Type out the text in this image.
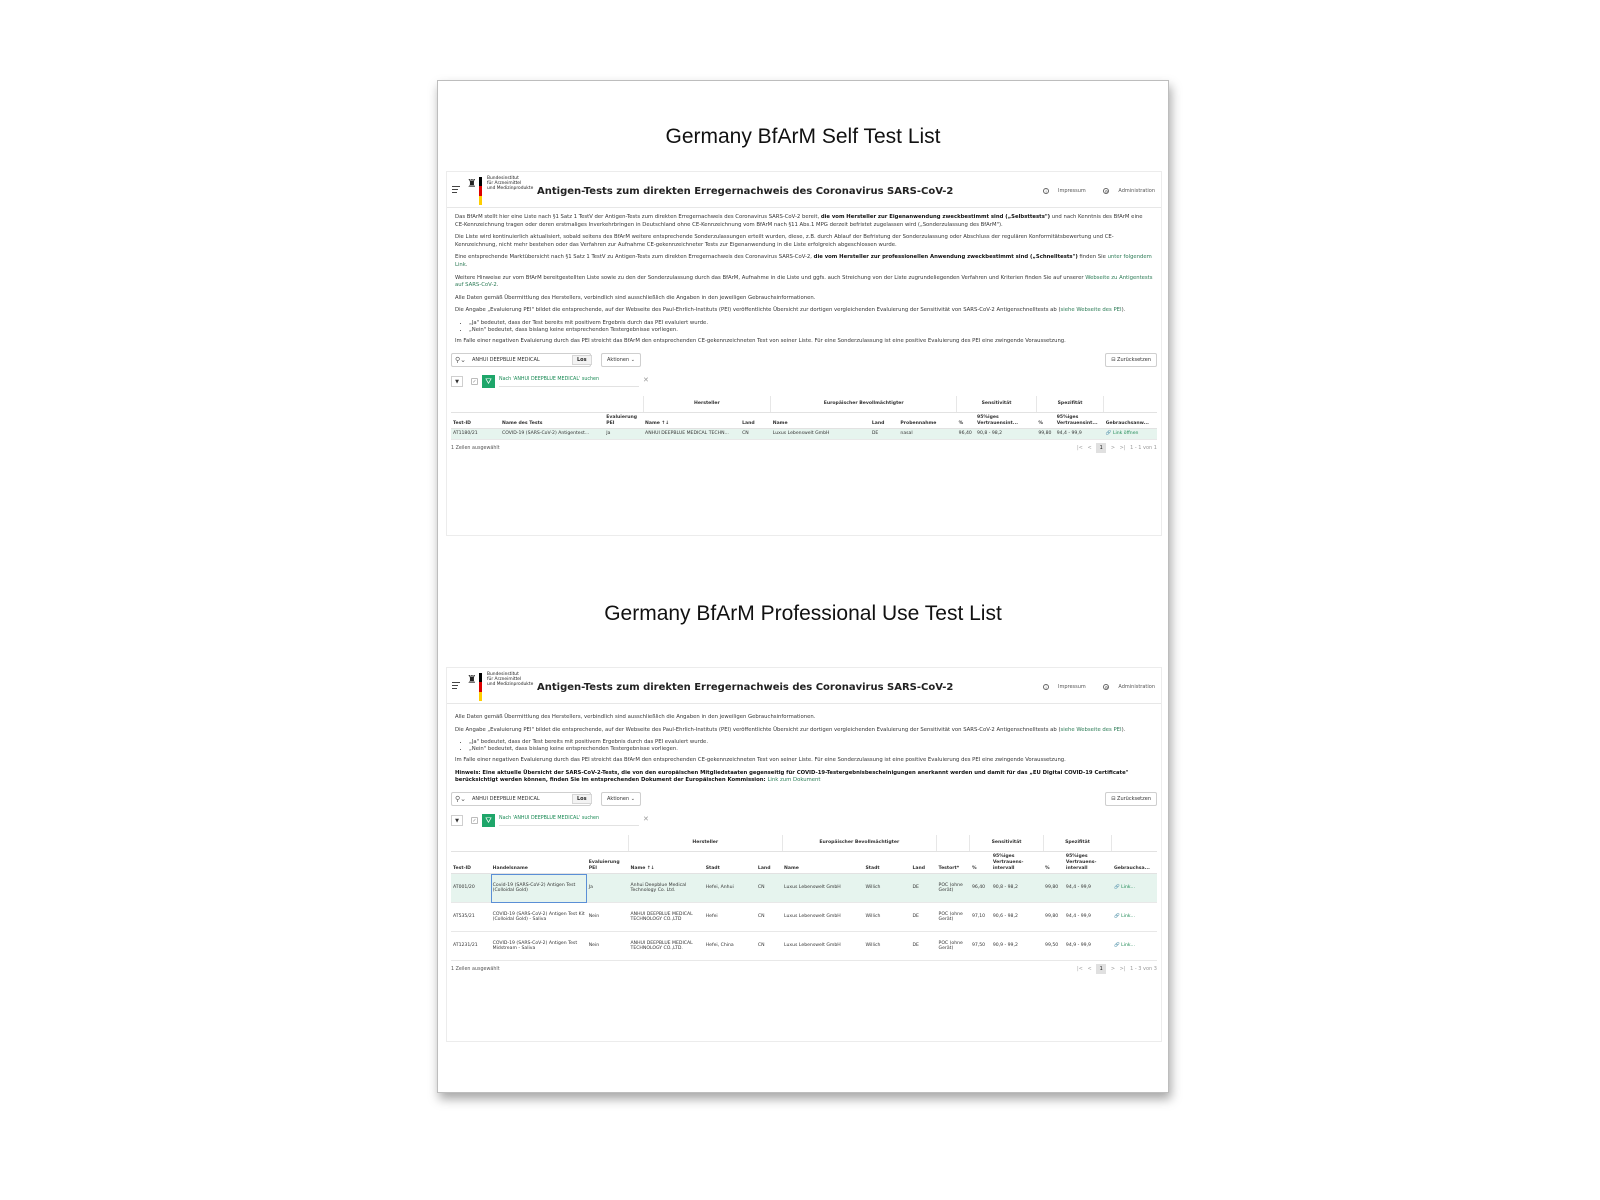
Germany BfArM Self Test List
♜ Bundesinstitut
für Arzneimittel
und Medizinprodukte Antigen-Tests zum direkten Erregernachweis des Coronavirus SARS-CoV-2	i Impressum	⚙ Administration

Das BfArM stellt hier eine Liste nach §1 Satz 1 TestV der Antigen-Tests zum direkten Erregernachweis des Coronavirus SARS-CoV-2 bereit, die vom Hersteller zur Eigenanwendung zweckbestimmt sind („Selbsttests") und nach Kenntnis des BfArM eine CE-Kennzeichnung tragen oder deren erstmaliges Inverkehrbringen in Deutschland ohne CE-Kennzeichnung vom BfArM nach §11 Abs.1 MPG derzeit befristet zugelassen wird („Sonderzulassung des BfArM").

Die Liste wird kontinuierlich aktualisiert, sobald seitens des BfArM weitere entsprechende Sonderzulassungen erteilt wurden, diese, z.B. durch Ablauf der Befristung der Sonderzulassung oder Abschluss der regulären Konformitätsbewertung und CE-Kennzeichnung, nicht mehr bestehen oder das Verfahren zur Aufnahme CE-gekennzeichneter Tests zur Eigenanwendung in die Liste erfolgreich abgeschlossen wurde.

Eine entsprechende Marktübersicht nach §1 Satz 1 TestV zu Antigen-Tests zum direkten Erregernachweis des Coronavirus SARS-CoV-2, die vom Hersteller zur professionellen Anwendung zweckbestimmt sind („Schnelltests") finden Sie unter folgendem Link.

Weitere Hinweise zur vom BfArM bereitgestellten Liste sowie zu den der Sonderzulassung durch das BfArM, Aufnahme in die Liste und ggfs. auch Streichung von der Liste zugrundeliegenden Verfahren und Kriterien finden Sie auf unserer Webseite zu Antigentests auf SARS-CoV-2.

Alle Daten gemäß Übermittlung des Herstellers, verbindlich sind ausschließlich die Angaben in den jeweiligen Gebrauchsinformationen.

Die Angabe „Evaluierung PEI" bildet die entsprechende, auf der Webseite des Paul-Ehrlich-Instituts (PEI) veröffentlichte Übersicht zur dortigen vergleichenden Evaluierung der Sensitivität von SARS-CoV-2 Antigenschnelltests ab (siehe Webseite des PEI).

• „Ja" bedeutet, dass der Test bereits mit positivem Ergebnis durch das PEI evaluiert wurde.
• „Nein" bedeutet, dass bislang keine entsprechenden Testergebnisse vorliegen.

Im Falle einer negativen Evaluierung durch das PEI streicht das BfArM den entsprechenden CE-gekennzeichneten Test von seiner Liste. Für eine Sonderzulassung ist eine positive Evaluierung des PEI eine zwingende Voraussetzung.

⚲⌄
ANHUI DEEPBLUE MEDICAL	Los	Aktionen ⌄	⊟ Zurücksetzen
▼	✓	⛛	Nach 'ANHUI DEEPBLUE MEDICAL' suchen	✕
			Hersteller		Europäischer Bevollmächtigter			Sensitivität		Spezifität		
Test-ID	Name des Tests	Evaluierung PEI	Name ↑↓	Land	Name	Land	Probennahme	%	95%iges Vertrauensint...	%	95%iges Vertrauensint...	Gebrauchsanw...
AT1180/21	COVID-19 (SARS-CoV-2) Antigentest...	Ja	ANHUI DEEPBLUE MEDICAL TECHN...	CN	Luxus Lebenswelt GmbH	DE	nasal	96,40	90,8 - 98,2	99,80	94,4 - 99,9	🔗 Link öffnen
1 Zeilen ausgewählt	|< < 1 > >| 1 - 1 von 1
Germany BfArM Professional Use Test List
♜ Bundesinstitut
für Arzneimittel
und Medizinprodukte Antigen-Tests zum direkten Erregernachweis des Coronavirus SARS-CoV-2	i Impressum	⚙ Administration

Alle Daten gemäß Übermittlung des Herstellers, verbindlich sind ausschließlich die Angaben in den jeweiligen Gebrauchsinformationen.

Die Angabe „Evaluierung PEI" bildet die entsprechende, auf der Webseite des Paul-Ehrlich-Instituts (PEI) veröffentlichte Übersicht zur dortigen vergleichenden Evaluierung der Sensitivität von SARS-CoV-2 Antigenschnelltests ab (siehe Webseite des PEI).

• „Ja" bedeutet, dass der Test bereits mit positivem Ergebnis durch das PEI evaluiert wurde.
• „Nein" bedeutet, dass bislang keine entsprechenden Testergebnisse vorliegen.

Im Falle einer negativen Evaluierung durch das PEI streicht das BfArM den entsprechenden CE-gekennzeichneten Test von seiner Liste. Für eine Sonderzulassung ist eine positive Evaluierung des PEI eine zwingende Voraussetzung.

Hinweis: Eine aktuelle Übersicht der SARS-CoV-2-Tests, die von den europäischen Mitgliedstaaten gegenseitig für COVID-19-Testergebnisbescheinigungen anerkannt werden und damit für das „EU Digital COVID-19 Certificate" berücksichtigt werden können, finden Sie im entsprechenden Dokument der Europäischen Kommission: Link zum Dokument

⚲⌄
ANHUI DEEPBLUE MEDICAL	Los	Aktionen ⌄	⊟ Zurücksetzen
▼	✓	⛛	Nach 'ANHUI DEEPBLUE MEDICAL' suchen	✕
			Hersteller			Europäischer Bevollmächtigter				Sensitivität		Spezifität		
Test-ID	Handelsname	Evaluierung PEI	Name ↑↓	Stadt	Land	Name	Stadt	Land	Testort*	%	95%iges Vertrauens-intervall	%	95%iges Vertrauens-intervall	Gebrauchsa...
AT001/20	Covid-19 (SARS-CoV-2) Antigen Test (Colloidal Gold)	Ja	Anhui Deepblue Medical Technology Co. Ltd.	Hefei, Anhui	CN	Luxus Lebenswelt GmbH	Willich	DE	POC (ohne Gerät)	96,40	90,8 - 98,2	99,80	94,4 - 99,9	🔗 Link...
AT535/21	COVID-19 (SARS-CoV-2) Antigen Test Kit (Colloidal Gold) - Saliva	Nein	ANHUI DEEPBLUE MEDICAL TECHNOLOGY CO.,LTD	Hefei	CN	Luxus Lebenswelt GmbH	Willich	DE	POC (ohne Gerät)	97,10	90,6 - 98,2	99,80	94,4 - 99,9	🔗 Link...
AT1231/21	COVID-19 (SARS-CoV-2) Antigen Test Midstream - Saliva	Nein	ANHUI DEEPBLUE MEDICAL TECHNOLOGY CO.,LTD.	Hefei, China	CN	Luxus Lebenswelt GmbH	Willich	DE	POC (ohne Gerät)	97,50	90,9 - 99,2	99,50	94,9 - 99,9	🔗 Link...
1 Zeilen ausgewählt	|< < 1 > >| 1 - 3 von 3
